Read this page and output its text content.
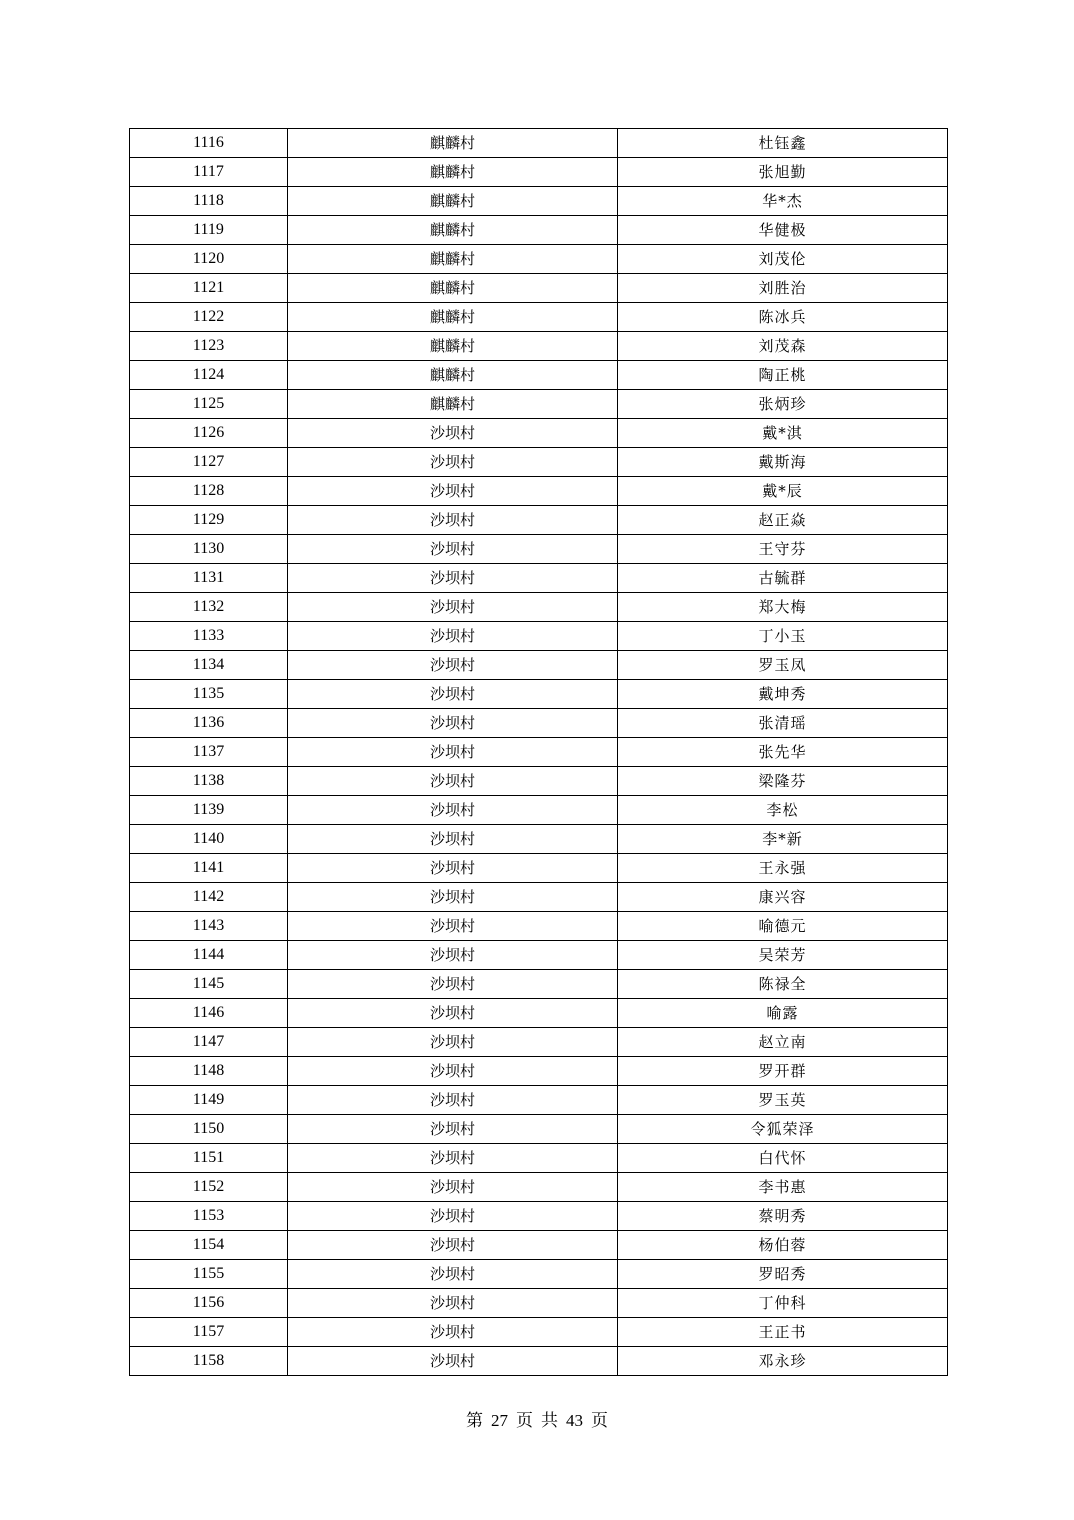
1116	麒麟村	杜钰鑫
1117	麒麟村	张旭勤
1118	麒麟村	华*杰
1119	麒麟村	华健极
1120	麒麟村	刘茂伦
1121	麒麟村	刘胜治
1122	麒麟村	陈冰兵
1123	麒麟村	刘茂森
1124	麒麟村	陶正桃
1125	麒麟村	张炳珍
1126	沙坝村	戴*淇
1127	沙坝村	戴斯海
1128	沙坝村	戴*辰
1129	沙坝村	赵正焱
1130	沙坝村	王守芬
1131	沙坝村	古毓群
1132	沙坝村	郑大梅
1133	沙坝村	丁小玉
1134	沙坝村	罗玉凤
1135	沙坝村	戴坤秀
1136	沙坝村	张清瑶
1137	沙坝村	张先华
1138	沙坝村	梁隆芬
1139	沙坝村	李松
1140	沙坝村	李*新
1141	沙坝村	王永强
1142	沙坝村	康兴容
1143	沙坝村	喻德元
1144	沙坝村	吴荣芳
1145	沙坝村	陈禄全
1146	沙坝村	喻露
1147	沙坝村	赵立南
1148	沙坝村	罗开群
1149	沙坝村	罗玉英
1150	沙坝村	令狐荣泽
1151	沙坝村	白代怀
1152	沙坝村	李书惠
1153	沙坝村	蔡明秀
1154	沙坝村	杨伯蓉
1155	沙坝村	罗昭秀
1156	沙坝村	丁仲科
1157	沙坝村	王正书
1158	沙坝村	邓永珍
第 27 页 共 43 页
